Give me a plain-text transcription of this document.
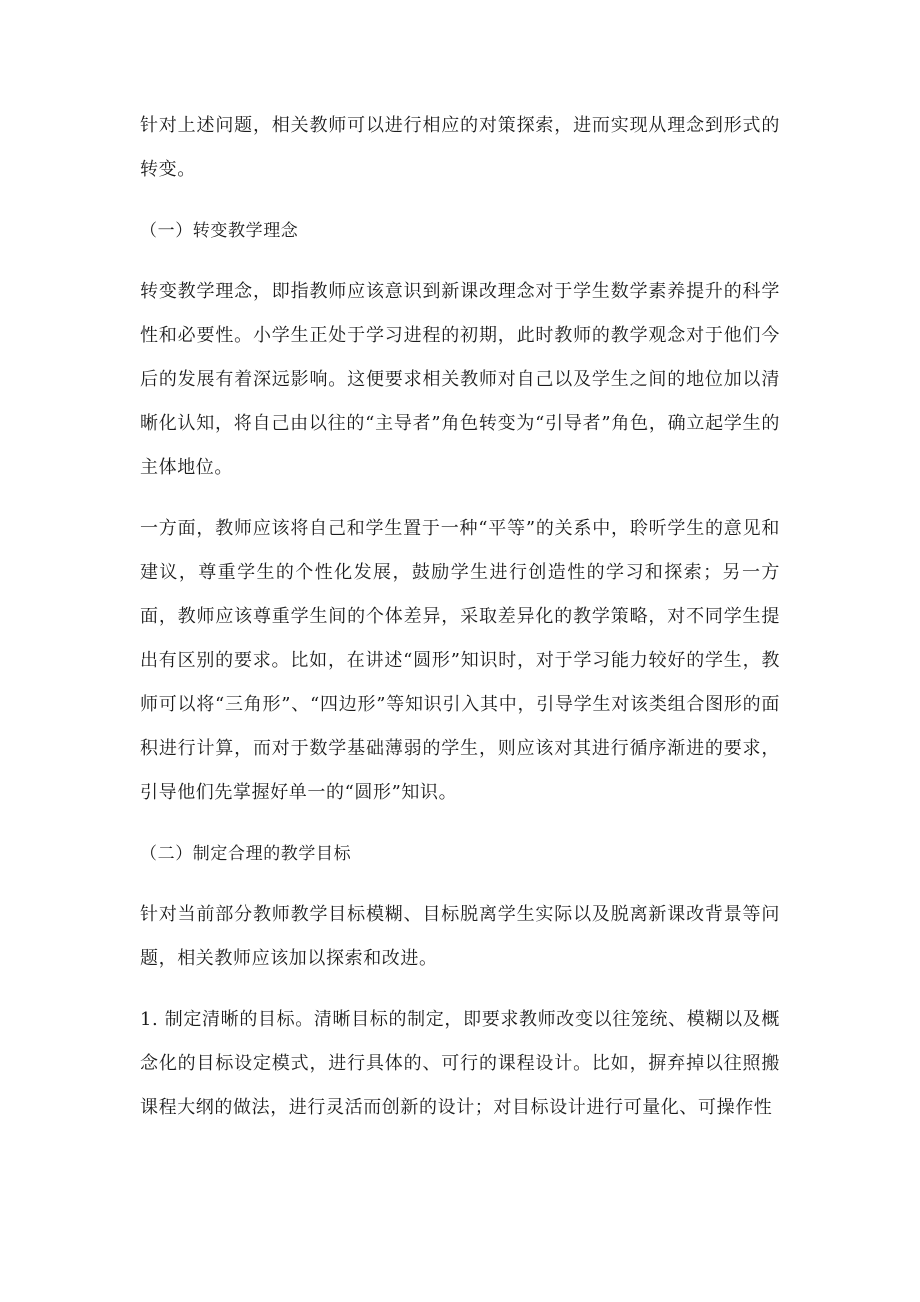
针对上述问题，相关教师可以进行相应的对策探索，进而实现从理念到形式的转变。

（一）转变教学理念

转变教学理念，即指教师应该意识到新课改理念对于学生数学素养提升的科学性和必要性。小学生正处于学习进程的初期，此时教师的教学观念对于他们今后的发展有着深远影响。这便要求相关教师对自己以及学生之间的地位加以清晰化认知，将自己由以往的“主导者”角色转变为“引导者”角色，确立起学生的主体地位。

一方面，教师应该将自己和学生置于一种“平等”的关系中，聆听学生的意见和建议，尊重学生的个性化发展，鼓励学生进行创造性的学习和探索；另一方面，教师应该尊重学生间的个体差异，采取差异化的教学策略，对不同学生提出有区别的要求。比如，在讲述“圆形”知识时，对于学习能力较好的学生，教师可以将“三角形”、“四边形”等知识引入其中，引导学生对该类组合图形的面积进行计算，而对于数学基础薄弱的学生，则应该对其进行循序渐进的要求，引导他们先掌握好单一的“圆形”知识。

（二）制定合理的教学目标

针对当前部分教师教学目标模糊、目标脱离学生实际以及脱离新课改背景等问题，相关教师应该加以探索和改进。

1. 制定清晰的目标。清晰目标的制定，即要求教师改变以往笼统、模糊以及概念化的目标设定模式，进行具体的、可行的课程设计。比如，摒弃掉以往照搬课程大纲的做法，进行灵活而创新的设计；对目标设计进行可量化、可操作性
